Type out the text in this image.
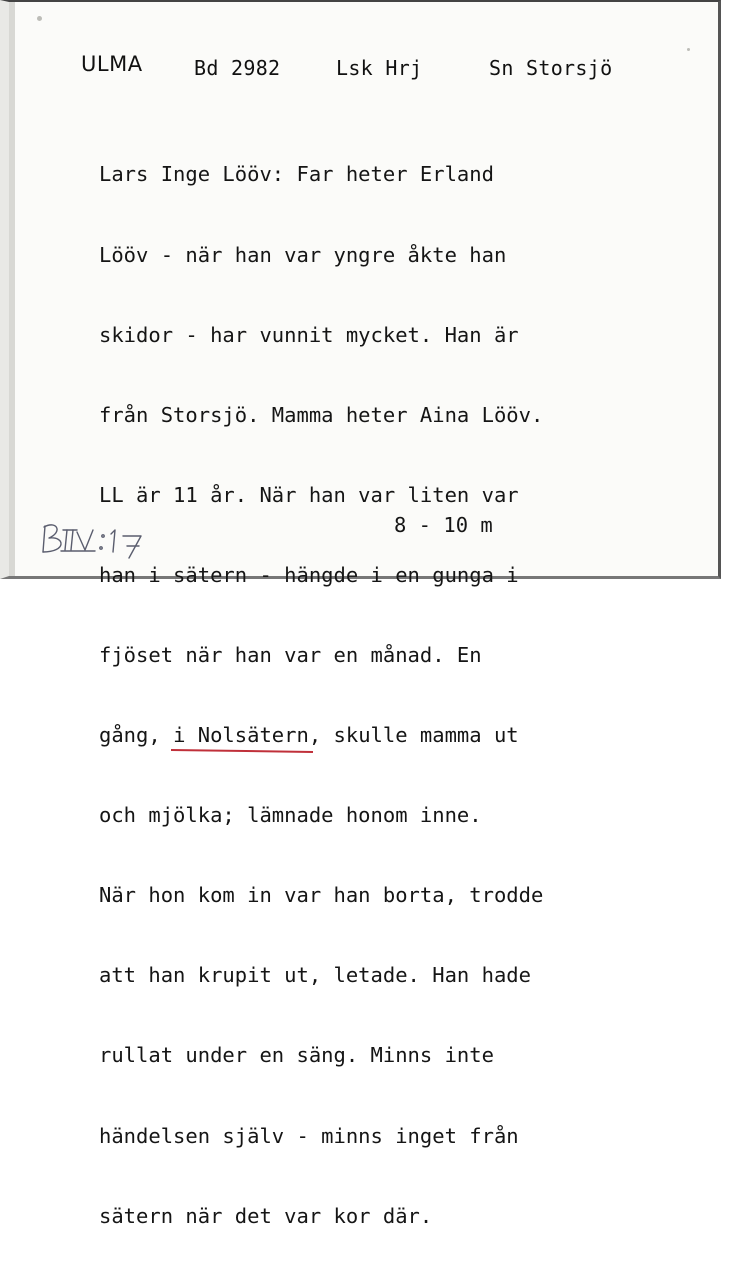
ULMA	Bd 2982	Lsk Hrj	Sn Storsjö

Lars Inge Lööv: Far heter Erland

Lööv - när han var yngre åkte han

skidor - har vunnit mycket. Han är

från Storsjö. Mamma heter Aina Lööv.

LL är 11 år. När han var liten var

han i sätern - hängde i en gunga i

fjöset när han var en månad. En

gång, i Nolsätern, skulle mamma ut

och mjölka; lämnade honom inne.

När hon kom in var han borta, trodde

att han krupit ut, letade. Han hade

rullat under en säng. Minns inte

händelsen själv - minns inget från

sätern när det var kor där.

8 - 10 m
